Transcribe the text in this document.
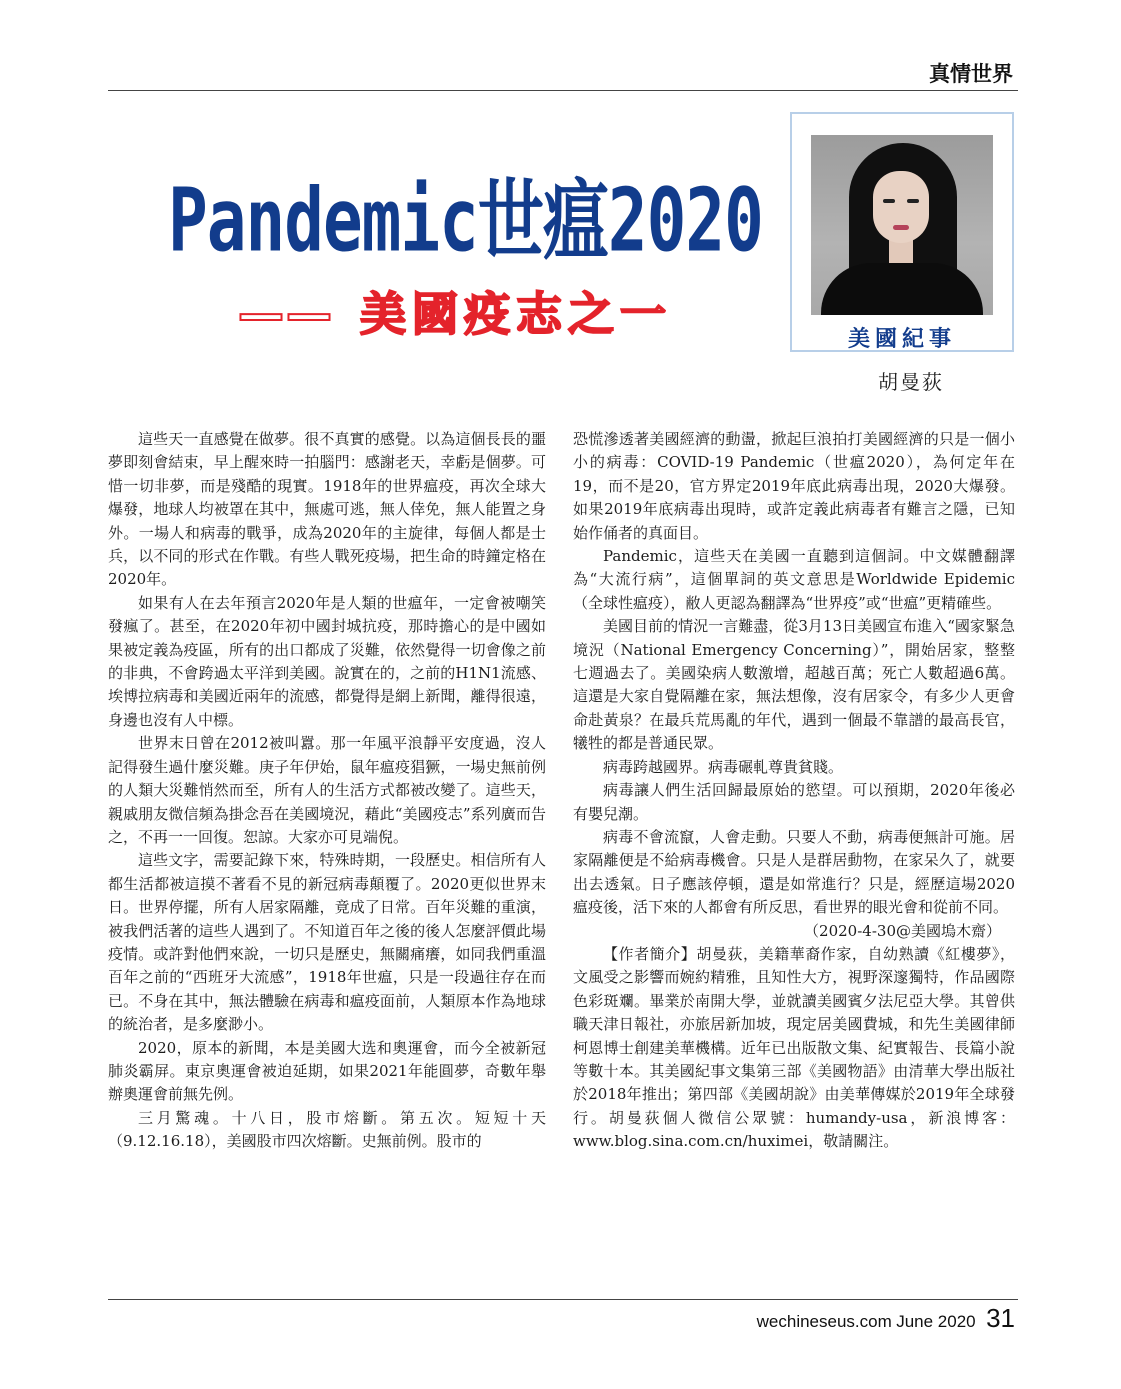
真情世界
Pandemic世瘟2020
—— 美國疫志之一	美國紀事
胡曼荻

這些天一直感覺在做夢。很不真實的感覺。以為這個長長的噩夢即刻會結束，早上醒來時一拍腦門：感謝老天，幸虧是個夢。可惜一切非夢，而是殘酷的現實。1918年的世界瘟疫，再次全球大爆發，地球人均被罩在其中，無處可逃，無人倖免，無人能置之身外。一場人和病毒的戰爭，成為2020年的主旋律，每個人都是士兵，以不同的形式在作戰。有些人戰死疫場，把生命的時鐘定格在2020年。

如果有人在去年預言2020年是人類的世瘟年，一定會被嘲笑發瘋了。甚至，在2020年初中國封城抗疫，那時擔心的是中國如果被定義為疫區，所有的出口都成了災難，依然覺得一切會像之前的非典，不會跨過太平洋到美國。說實在的，之前的H1N1流感、埃博拉病毒和美國近兩年的流感，都覺得是網上新聞，離得很遠，身邊也沒有人中標。

世界末日曾在2012被叫囂。那一年風平浪靜平安度過，沒人記得發生過什麼災難。庚子年伊始，鼠年瘟疫猖獗，一場史無前例的人類大災難悄然而至，所有人的生活方式都被改變了。這些天，親戚朋友微信頻為掛念吾在美國境況，藉此“美國疫志”系列廣而告之，不再一一回復。恕諒。大家亦可見端倪。

這些文字，需要記錄下來，特殊時期，一段歷史。相信所有人都生活都被這摸不著看不見的新冠病毒顛覆了。2020更似世界末日。世界停擺，所有人居家隔離，竟成了日常。百年災難的重演，被我們活著的這些人遇到了。不知道百年之後的後人怎麼評價此場疫情。或許對他們來說，一切只是歷史，無關痛癢，如同我們重溫百年之前的“西班牙大流感”，1918年世瘟，只是一段過往存在而已。不身在其中，無法體驗在病毒和瘟疫面前，人類原本作為地球的統治者，是多麼渺小。

2020，原本的新聞，本是美國大选和奧運會，而今全被新冠肺炎霸屏。東京奧運會被迫延期，如果2021年能圓夢，奇數年舉辦奧運會前無先例。

三月驚魂。十八日，股市熔斷。第五次。短短十天（9.12.16.18），美國股市四次熔斷。史無前例。股市的

恐慌滲透著美國經濟的動盪，掀起巨浪拍打美國經濟的只是一個小小的病毒：COVID-19 Pandemic（世瘟2020），為何定年在19，而不是20，官方界定2019年底此病毒出現，2020大爆發。如果2019年底病毒出現時，或許定義此病毒者有難言之隱，已知始作俑者的真面目。

Pandemic，這些天在美國一直聽到這個詞。中文媒體翻譯為“大流行病”，這個單詞的英文意思是Worldwide Epidemic（全球性瘟疫），敝人更認為翻譯為“世界疫”或“世瘟”更精確些。

美國目前的情況一言難盡，從3月13日美國宣布進入“國家緊急境況（National Emergency Concerning）”，開始居家，整整七週過去了。美國染病人數激增，超越百萬；死亡人數超過6萬。這還是大家自覺隔離在家，無法想像，沒有居家令，有多少人更會命赴黃泉？在最兵荒馬亂的年代，遇到一個最不靠譜的最高長官，犧牲的都是普通民眾。

病毒跨越國界。病毒碾軋尊貴貧賤。

病毒讓人們生活回歸最原始的慾望。可以預期，2020年後必有嬰兒潮。

病毒不會流竄，人會走動。只要人不動，病毒便無計可施。居家隔離便是不給病毒機會。只是人是群居動物，在家呆久了，就要出去透氣。日子應該停頓，還是如常進行？只是，經歷這場2020瘟疫後，活下來的人都會有所反思，看世界的眼光會和從前不同。

（2020-4-30@美國塢木齋）

【作者簡介】胡曼荻，美籍華裔作家，自幼熟讀《紅樓夢》，文風受之影響而婉約精雅，且知性大方，視野深邃獨特，作品國際色彩斑斕。畢業於南開大學，並就讀美國賓夕法尼亞大學。其曾供職天津日報社，亦旅居新加坡，現定居美國費城，和先生美國律師柯恩博士創建美華機構。近年已出版散文集、紀實報告、長篇小說等數十本。其美國紀事文集第三部《美國物語》由清華大學出版社於2018年推出；第四部《美國胡說》由美華傳媒於2019年全球發行。胡曼荻個人微信公眾號：humandy-usa，新浪博客：www.blog.sina.com.cn/huximei，敬請關注。

wechineseus.com June 2020 31
